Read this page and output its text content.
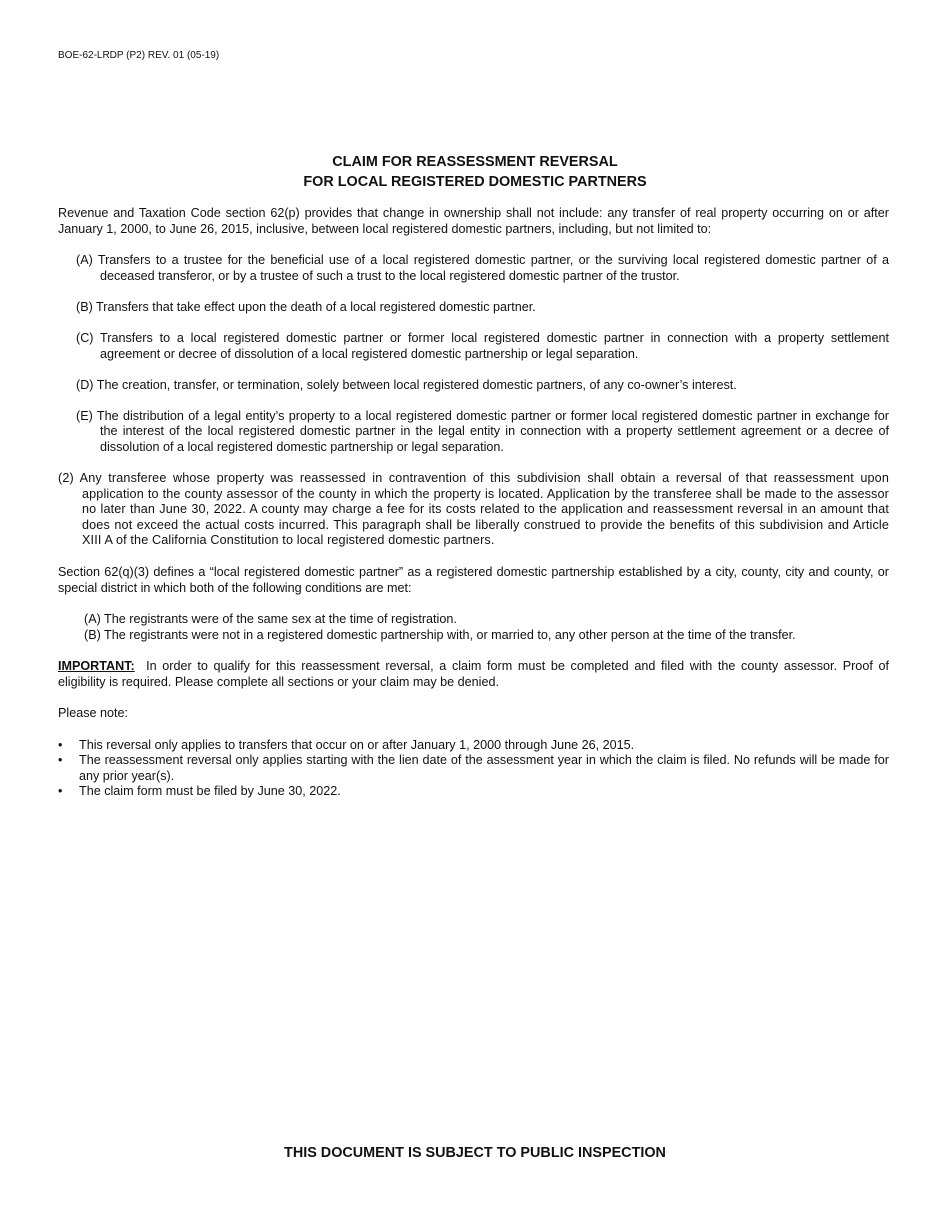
BOE-62-LRDP (P2) REV. 01 (05-19)
CLAIM FOR REASSESSMENT REVERSAL
FOR LOCAL REGISTERED DOMESTIC PARTNERS

Revenue and Taxation Code section 62(p) provides that change in ownership shall not include: any transfer of real property occurring on or after January 1, 2000, to June 26, 2015, inclusive, between local registered domestic partners, including, but not limited to:

(A) Transfers to a trustee for the beneficial use of a local registered domestic partner, or the surviving local registered domestic partner of a deceased transferor, or by a trustee of such a trust to the local registered domestic partner of the trustor.

(B) Transfers that take effect upon the death of a local registered domestic partner.

(C) Transfers to a local registered domestic partner or former local registered domestic partner in connection with a property settlement agreement or decree of dissolution of a local registered domestic partnership or legal separation.

(D) The creation, transfer, or termination, solely between local registered domestic partners, of any co-owner’s interest.

(E) The distribution of a legal entity’s property to a local registered domestic partner or former local registered domestic partner in exchange for the interest of the local registered domestic partner in the legal entity in connection with a property settlement agreement or a decree of dissolution of a local registered domestic partnership or legal separation.

(2) Any transferee whose property was reassessed in contravention of this subdivision shall obtain a reversal of that reassessment upon application to the county assessor of the county in which the property is located. Application by the transferee shall be made to the assessor no later than June 30, 2022. A county may charge a fee for its costs related to the application and reassessment reversal in an amount that does not exceed the actual costs incurred. This paragraph shall be liberally construed to provide the benefits of this subdivision and Article XIII A of the California Constitution to local registered domestic partners.

Section 62(q)(3) defines a “local registered domestic partner” as a registered domestic partnership established by a city, county, city and county, or special district in which both of the following conditions are met:

(A) The registrants were of the same sex at the time of registration.

(B) The registrants were not in a registered domestic partnership with, or married to, any other person at the time of the transfer.

IMPORTANT: In order to qualify for this reassessment reversal, a claim form must be completed and filed with the county assessor. Proof of eligibility is required. Please complete all sections or your claim may be denied.

Please note:

• This reversal only applies to transfers that occur on or after January 1, 2000 through June 26, 2015.
• The reassessment reversal only applies starting with the lien date of the assessment year in which the claim is filed. No refunds will be made for any prior year(s).
• The claim form must be filed by June 30, 2022.
THIS DOCUMENT IS SUBJECT TO PUBLIC INSPECTION
